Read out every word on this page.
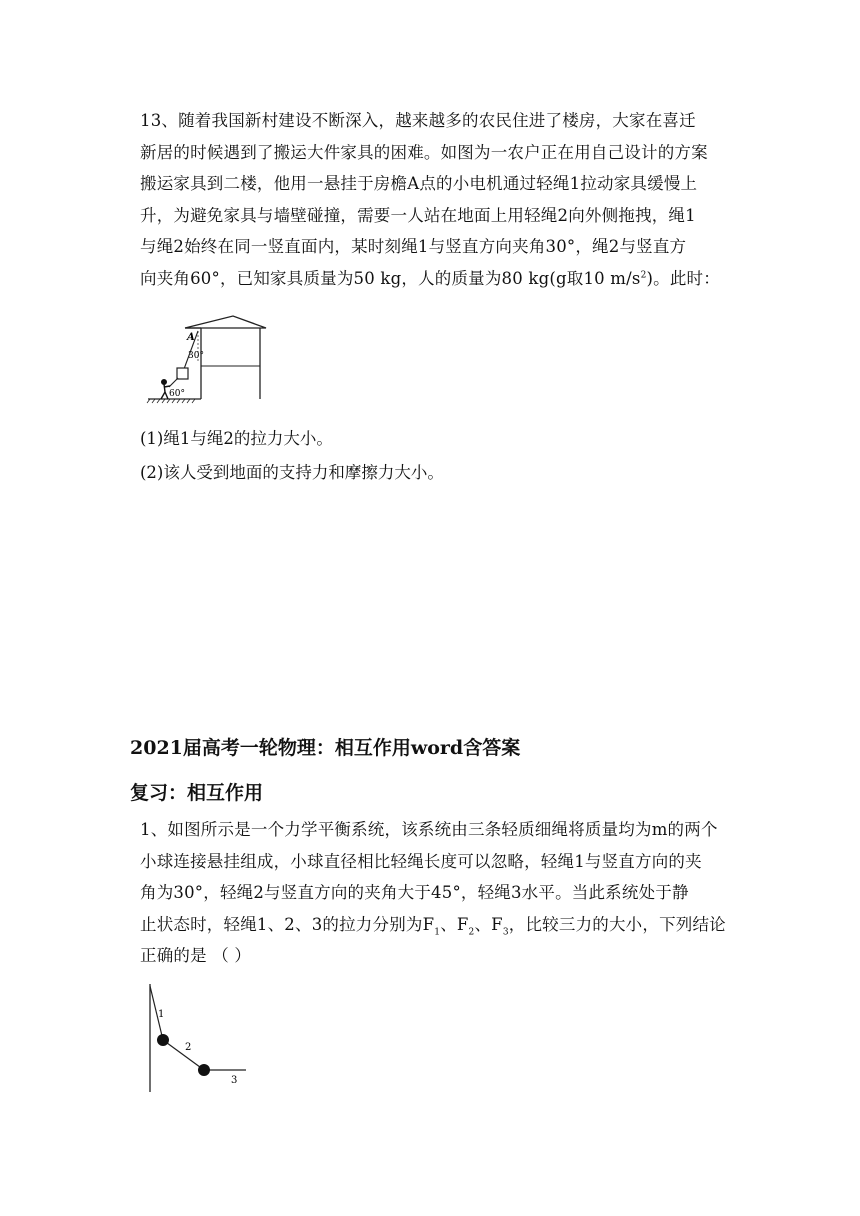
13、随着我国新村建设不断深入，越来越多的农民住进了楼房，大家在喜迁
新居的时候遇到了搬运大件家具的困难。如图为一农户正在用自己设计的方案
搬运家具到二楼，他用一悬挂于房檐A点的小电机通过轻绳1拉动家具缓慢上
升，为避免家具与墙壁碰撞，需要一人站在地面上用轻绳2向外侧拖拽，绳1
与绳2始终在同一竖直面内，某时刻绳1与竖直方向夹角30°，绳2与竖直方
向夹角60°，已知家具质量为50 kg，人的质量为80 kg(g取10 $m/s^2$)。此时：
A
30°
60°
(1)绳1与绳2的拉力大小。
(2)该人受到地面的支持力和摩擦力大小。
2021届高考一轮物理：相互作用word含答案
复习：相互作用
1、如图所示是一个力学平衡系统，该系统由三条轻质细绳将质量均为m的两个
小球连接悬挂组成，小球直径相比轻绳长度可以忽略，轻绳1与竖直方向的夹
角为30°，轻绳2与竖直方向的夹角大于45°，轻绳3水平。当此系统处于静
止状态时，轻绳1、2、3的拉力分别为$F_1$、$F_2$、$F_3$，比较三力的大小，下列结论
正确的是 （ ）
1
2
3
